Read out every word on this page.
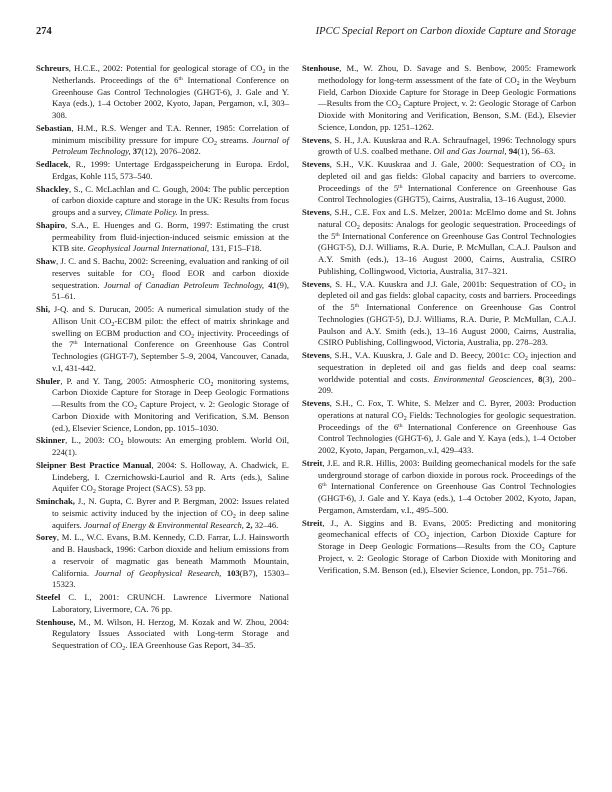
274	IPCC Special Report on Carbon dioxide Capture and Storage

Schreurs, H.C.E., 2002: Potential for geological storage of $CO_2$ in the Netherlands. Proceedings of the 6th International Conference on Greenhouse Gas Control Technologies (GHGT-6), J. Gale and Y. Kaya (eds.), 1–4 October 2002, Kyoto, Japan, Pergamon, v.I, 303–308.

Sebastian, H.M., R.S. Wenger and T.A. Renner, 1985: Correlation of minimum miscibility pressure for impure $CO_2$ streams. Journal of Petroleum Technology, 37(12), 2076–2082.

Sedlacek, R., 1999: Untertage Erdgasspeicherung in Europa. Erdol, Erdgas, Kohle 115, 573–540.

Shackley, S., C. McLachlan and C. Gough, 2004: The public perception of carbon dioxide capture and storage in the UK: Results from focus groups and a survey, Climate Policy. In press.

Shapiro, S.A., E. Huenges and G. Borm, 1997: Estimating the crust permeability from fluid-injection-induced seismic emission at the KTB site. Geophysical Journal International, 131, F15–F18.

Shaw, J. C. and S. Bachu, 2002: Screening, evaluation and ranking of oil reserves suitable for $CO_2$ flood EOR and carbon dioxide sequestration. Journal of Canadian Petroleum Technology, 41(9), 51–61.

Shi, J-Q. and S. Durucan, 2005: A numerical simulation study of the Allison Unit $CO_2$-ECBM pilot: the effect of matrix shrinkage and swelling on ECBM production and $CO_2$ injectivity. Proceedings of the 7th International Conference on Greenhouse Gas Control Technologies (GHGT-7), September 5–9, 2004, Vancouver, Canada, v.I, 431-442.

Shuler, P. and Y. Tang, 2005: Atmospheric $CO_2$ monitoring systems, Carbon Dioxide Capture for Storage in Deep Geologic Formations—Results from the $CO_2$ Capture Project, v. 2: Geologic Storage of Carbon Dioxide with Monitoring and Verification, S.M. Benson (ed.), Elsevier Science, London, pp. 1015–1030.

Skinner, L., 2003: $CO_2$ blowouts: An emerging problem. World Oil, 224(1).

Sleipner Best Practice Manual, 2004: S. Holloway, A. Chadwick, E. Lindeberg, I. Czernichowski-Lauriol and R. Arts (eds.), Saline Aquifer $CO_2$ Storage Project (SACS). 53 pp.

Sminchak, J., N. Gupta, C. Byrer and P. Bergman, 2002: Issues related to seismic activity induced by the injection of $CO_2$ in deep saline aquifers. Journal of Energy & Environmental Research, 2, 32–46.

Sorey, M. L., W.C. Evans, B.M. Kennedy, C.D. Farrar, L.J. Hainsworth and B. Hausback, 1996: Carbon dioxide and helium emissions from a reservoir of magmatic gas beneath Mammoth Mountain, California. Journal of Geophysical Research, 103(B7), 15303–15323.

Steefel C. I., 2001: CRUNCH. Lawrence Livermore National Laboratory, Livermore, CA. 76 pp.

Stenhouse, M., M. Wilson, H. Herzog, M. Kozak and W. Zhou, 2004: Regulatory Issues Associated with Long-term Storage and Sequestration of $CO_2$. IEA Greenhouse Gas Report, 34–35.

Stenhouse, M., W. Zhou, D. Savage and S. Benbow, 2005: Framework methodology for long-term assessment of the fate of $CO_2$ in the Weyburn Field, Carbon Dioxide Capture for Storage in Deep Geologic Formations—Results from the $CO_2$ Capture Project, v. 2: Geologic Storage of Carbon Dioxide with Monitoring and Verification, Benson, S.M. (Ed.), Elsevier Science, London, pp. 1251–1262.

Stevens, S. H., J.A. Kuuskraa and R.A. Schraufnagel, 1996: Technology spurs growth of U.S. coalbed methane. Oil and Gas Journal, 94(1), 56–63.

Stevens, S.H., V.K. Kuuskraa and J. Gale, 2000: Sequestration of $CO_2$ in depleted oil and gas fields: Global capacity and barriers to overcome. Proceedings of the 5th International Conference on Greenhouse Gas Control Technologies (GHGT5), Cairns, Australia, 13–16 August, 2000.

Stevens, S.H., C.E. Fox and L.S. Melzer, 2001a: McElmo dome and St. Johns natural $CO_2$ deposits: Analogs for geologic sequestration. Proceedings of the 5th International Conference on Greenhouse Gas Control Technologies (GHGT-5), D.J. Williams, R.A. Durie, P. McMullan, C.A.J. Paulson and A.Y. Smith (eds.), 13–16 August 2000, Cairns, Australia, CSIRO Publishing, Collingwood, Victoria, Australia, 317–321.

Stevens, S. H., V.A. Kuuskra and J.J. Gale, 2001b: Sequestration of $CO_2$ in depleted oil and gas fields: global capacity, costs and barriers. Proceedings of the 5th International Conference on Greenhouse Gas Control Technologies (GHGT-5), D.J. Williams, R.A. Durie, P. McMullan, C.A.J. Paulson and A.Y. Smith (eds.), 13–16 August 2000, Cairns, Australia, CSIRO Publishing, Collingwood, Victoria, Australia, pp. 278–283.

Stevens, S.H., V.A. Kuuskra, J. Gale and D. Beecy, 2001c: $CO_2$ injection and sequestration in depleted oil and gas fields and deep coal seams: worldwide potential and costs. Environmental Geosciences, 8(3), 200–209.

Stevens, S.H., C. Fox, T. White, S. Melzer and C. Byrer, 2003: Production operations at natural $CO_2$ Fields: Technologies for geologic sequestration. Proceedings of the 6th International Conference on Greenhouse Gas Control Technologies (GHGT-6), J. Gale and Y. Kaya (eds.), 1–4 October 2002, Kyoto, Japan, Pergamon,.v.I, 429–433.

Streit, J.E. and R.R. Hillis, 2003: Building geomechanical models for the safe underground storage of carbon dioxide in porous rock. Proceedings of the 6th International Conference on Greenhouse Gas Control Technologies (GHGT-6), J. Gale and Y. Kaya (eds.), 1–4 October 2002, Kyoto, Japan, Pergamon, Amsterdam, v.I., 495–500.

Streit, J., A. Siggins and B. Evans, 2005: Predicting and monitoring geomechanical effects of $CO_2$ injection, Carbon Dioxide Capture for Storage in Deep Geologic Formations—Results from the $CO_2$ Capture Project, v. 2: Geologic Storage of Carbon Dioxide with Monitoring and Verification, S.M. Benson (ed.), Elsevier Science, London, pp. 751–766.
